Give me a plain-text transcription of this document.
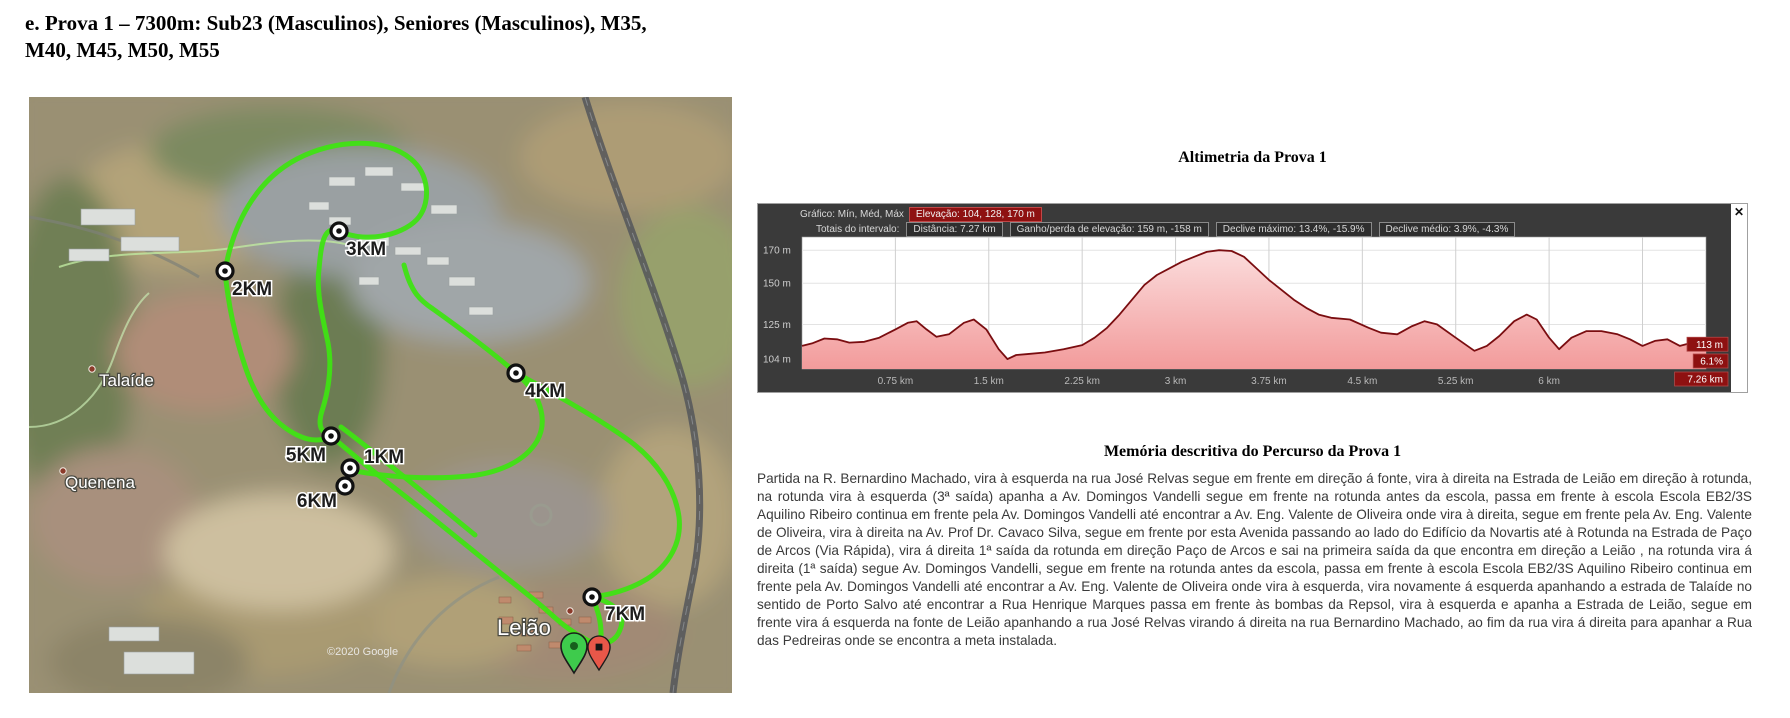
e. Prova 1 – 7300m: Sub23 (Masculinos), Seniores (Masculinos), M35,
M40, M45, M50, M55
Talaíde
Quenena
Leião
1KM
2KM
3KM
4KM
5KM
6KM
7KM
©2020 Google
Altimetria da Prova 1
170 m
150 m
125 m
104 m
0.75 km	1.5 km	2.25 km	3 km	3.75 km	4.5 km	5.25 km	6 km
113 m
6.1%
7.26 km
Gráfico: Mín, Méd, Máx	Elevação: 104, 128, 170 m
Totais do intervalo:	Distância: 7.27 km	Ganho/perda de elevação: 159 m, -158 m	Declive máximo: 13.4%, -15.9%	Declive médio: 3.9%, -4.3%
✕
Memória descritiva do Percurso da Prova 1
Partida na R. Bernardino Machado, vira à esquerda na rua José Relvas segue em frente em direção á fonte, vira à direita na Estrada de Leião em direção à rotunda, na rotunda vira à esquerda (3ª saída) apanha a Av. Domingos Vandelli segue em frente na rotunda antes da escola, passa em frente à escola Escola EB2/3S Aquilino Ribeiro continua em frente pela Av. Domingos Vandelli até encontrar a Av. Eng. Valente de Oliveira onde vira à direita, segue em frente pela Av. Eng. Valente de Oliveira, vira à direita na Av. Prof Dr. Cavaco Silva, segue em frente por esta Avenida passando ao lado do Edifício da Novartis até à Rotunda na Estrada de Paço de Arcos (Via Rápida), vira á direita 1ª saída da rotunda em direção Paço de Arcos e sai na primeira saída da que encontra em direção a Leião , na rotunda vira á direita (1ª saída) segue Av. Domingos Vandelli, segue em frente na rotunda antes da escola, passa em frente à escola Escola EB2/3S Aquilino Ribeiro continua em frente pela Av. Domingos Vandelli até encontrar a Av. Eng. Valente de Oliveira onde vira à esquerda, vira novamente á esquerda apanhando a estrada de Talaíde no sentido de Porto Salvo até encontrar a Rua Henrique Marques passa em frente às bombas da Repsol, vira à esquerda e apanha a Estrada de Leião, segue em frente vira á esquerda na fonte de Leião apanhando a rua José Relvas virando á direita na rua Bernardino Machado, ao fim da rua vira á direita para apanhar a Rua das Pedreiras onde se encontra a meta instalada.
